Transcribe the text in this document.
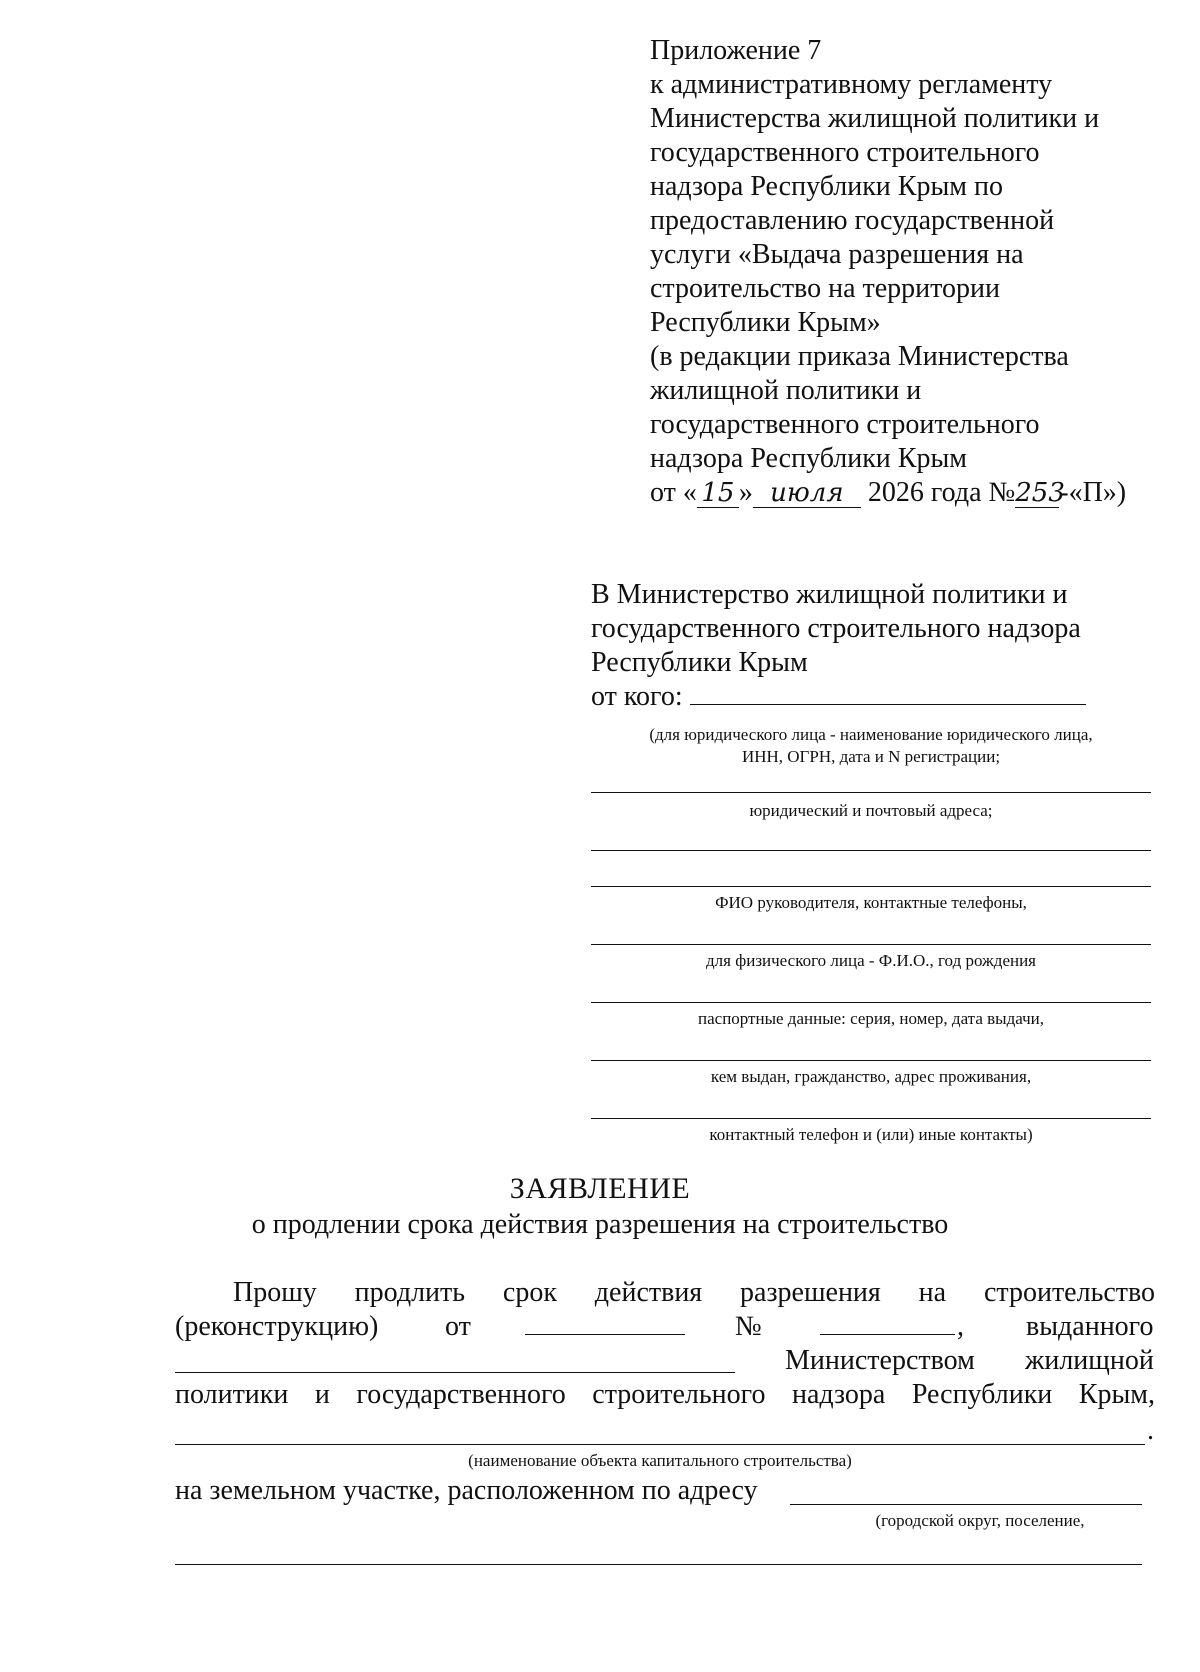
Приложение 7
к административному регламенту
Министерства жилищной политики и
государственного строительного
надзора Республики Крым по
предоставлению государственной
услуги «Выдача разрешения на
строительство на территории
Республики Крым»
(в редакции приказа Министерства
жилищной политики и
государственного строительного
надзора Республики Крым
от « 15 » июля 2026 года №253-«П»)
В Министерство жилищной политики и
государственного строительного надзора
Республики Крым
от кого:
(для юридического лица - наименование юридического лица,
ИНН, ОГРН, дата и N регистрации;
юридический и почтовый адреса;
ФИО руководителя, контактные телефоны,
для физического лица - Ф.И.О., год рождения
паспортные данные: серия, номер, дата выдачи,
кем выдан, гражданство, адрес проживания,
контактный телефон и (или) иные контакты)
ЗАЯВЛЕНИЕ
о продлении срока действия разрешения на строительство
Прошу продлить срок действия разрешения на строительство
(реконструкцию) от	№	, выданного
Министерством жилищной
политики и государственного строительного надзора Республики Крым,
.
(наименование объекта капитального строительства)
на земельном участке, расположенном по адресу
(городской округ, поселение,
